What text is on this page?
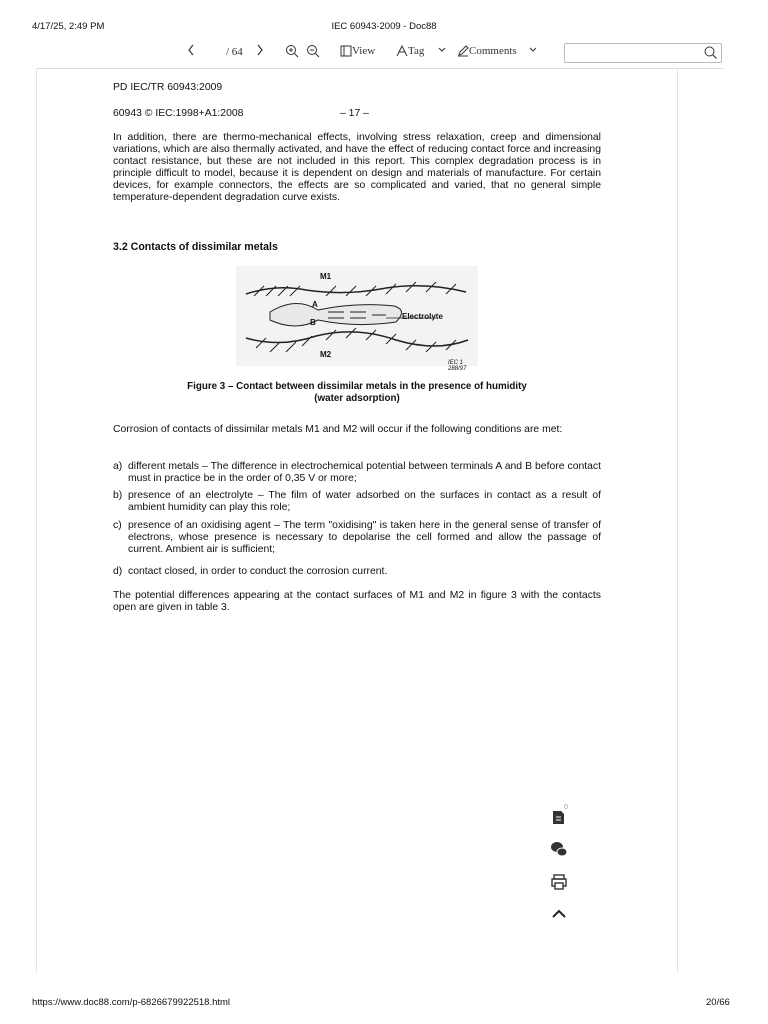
4/17/25, 2:49 PM	IEC 60943-2009 - Doc88
/ 64	View	Tag	Comments
PD IEC/TR 60943:2009
60943 © IEC:1998+A1:2008	– 17 –
In addition, there are thermo-mechanical effects, involving stress relaxation, creep and dimensional variations, which are also thermally activated, and have the effect of reducing contact force and increasing contact resistance, but these are not included in this report. This complex degradation process is in principle difficult to model, because it is dependent on design and materials of manufacture. For certain devices, for example connectors, the effects are so complicated and varied, that no general simple temperature-dependent degradation curve exists.
3.2 Contacts of dissimilar metals
M1
M2
A
B
Electrolyte
IEC 1 288/97
Figure 3 – Contact between dissimilar metals in the presence of humidity
(water adsorption)
Corrosion of contacts of dissimilar metals M1 and M2 will occur if the following conditions are met:
a) different metals – The difference in electrochemical potential between terminals A and B before contact must in practice be in the order of 0,35 V or more;
b) presence of an electrolyte – The film of water adsorbed on the surfaces in contact as a result of ambient humidity can play this role;
c) presence of an oxidising agent – The term "oxidising" is taken here in the general sense of transfer of electrons, whose presence is necessary to depolarise the cell formed and allow the passage of current. Ambient air is sufficient;
d) contact closed, in order to conduct the corrosion current.
The potential differences appearing at the contact surfaces of M1 and M2 in figure 3 with the contacts open are given in table 3.
0
https://www.doc88.com/p-6826679922518.html	20/66
